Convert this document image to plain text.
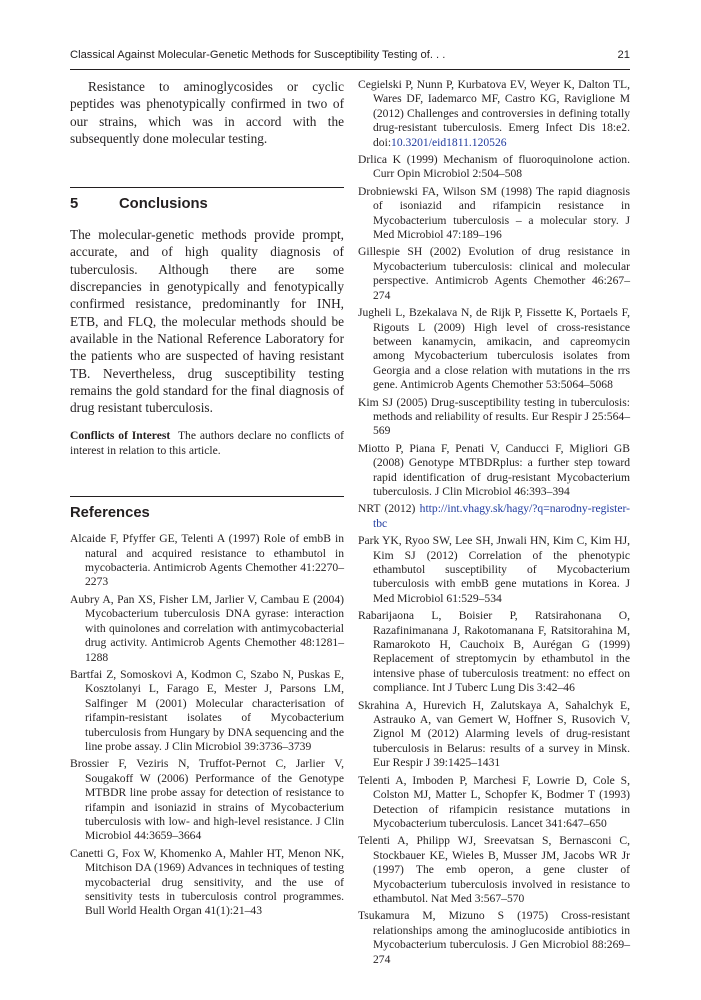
Classical Against Molecular-Genetic Methods for Susceptibility Testing of. . .	21

Resistance to aminoglycosides or cyclic peptides was phenotypically confirmed in two of our strains, which was in accord with the subsequently done molecular testing.

5	Conclusions

The molecular-genetic methods provide prompt, accurate, and of high quality diagnosis of tuberculosis. Although there are some discrepancies in genotypically and fenotypically confirmed resistance, predominantly for INH, ETB, and FLQ, the molecular methods should be available in the National Reference Laboratory for the patients who are suspected of having resistant TB. Nevertheless, drug susceptibility testing remains the gold standard for the final diagnosis of drug resistant tuberculosis.

Conflicts of Interest The authors declare no conflicts of interest in relation to this article.

References
Alcaide F, Pfyffer GE, Telenti A (1997) Role of embB in natural and acquired resistance to ethambutol in mycobacteria. Antimicrob Agents Chemother 41:2270–2273
Aubry A, Pan XS, Fisher LM, Jarlier V, Cambau E (2004) Mycobacterium tuberculosis DNA gyrase: interaction with quinolones and correlation with antimycobacterial drug activity. Antimicrob Agents Chemother 48:1281–1288
Bartfai Z, Somoskovi A, Kodmon C, Szabo N, Puskas E, Kosztolanyi L, Farago E, Mester J, Parsons LM, Salfinger M (2001) Molecular characterisation of rifampin-resistant isolates of Mycobacterium tuberculosis from Hungary by DNA sequencing and the line probe assay. J Clin Microbiol 39:3736–3739
Brossier F, Veziris N, Truffot-Pernot C, Jarlier V, Sougakoff W (2006) Performance of the Genotype MTBDR line probe assay for detection of resistance to rifampin and isoniazid in strains of Mycobacterium tuberculosis with low- and high-level resistance. J Clin Microbiol 44:3659–3664
Canetti G, Fox W, Khomenko A, Mahler HT, Menon NK, Mitchison DA (1969) Advances in techniques of testing mycobacterial drug sensitivity, and the use of sensitivity tests in tuberculosis control programmes. Bull World Health Organ 41(1):21–43
Cegielski P, Nunn P, Kurbatova EV, Weyer K, Dalton TL, Wares DF, Iademarco MF, Castro KG, Raviglione M (2012) Challenges and controversies in defining totally drug-resistant tuberculosis. Emerg Infect Dis 18:e2. doi:10.3201/eid1811.120526
Drlica K (1999) Mechanism of fluoroquinolone action. Curr Opin Microbiol 2:504–508
Drobniewski FA, Wilson SM (1998) The rapid diagnosis of isoniazid and rifampicin resistance in Mycobacterium tuberculosis – a molecular story. J Med Microbiol 47:189–196
Gillespie SH (2002) Evolution of drug resistance in Mycobacterium tuberculosis: clinical and molecular perspective. Antimicrob Agents Chemother 46:267–274
Jugheli L, Bzekalava N, de Rijk P, Fissette K, Portaels F, Rigouts L (2009) High level of cross-resistance between kanamycin, amikacin, and capreomycin among Mycobacterium tuberculosis isolates from Georgia and a close relation with mutations in the rrs gene. Antimicrob Agents Chemother 53:5064–5068
Kim SJ (2005) Drug-susceptibility testing in tuberculosis: methods and reliability of results. Eur Respir J 25:564–569
Miotto P, Piana F, Penati V, Canducci F, Migliori GB (2008) Genotype MTBDRplus: a further step toward rapid identification of drug-resistant Mycobacterium tuberculosis. J Clin Microbiol 46:393–394
NRT (2012) http://int.vhagy.sk/hagy/?q=narodny-register-tbc
Park YK, Ryoo SW, Lee SH, Jnwali HN, Kim C, Kim HJ, Kim SJ (2012) Correlation of the phenotypic ethambutol susceptibility of Mycobacterium tuberculosis with embB gene mutations in Korea. J Med Microbiol 61:529–534
Rabarijaona L, Boisier P, Ratsirahonana O, Razafinimanana J, Rakotomanana F, Ratsitorahina M, Ramarokoto H, Cauchoix B, Aurégan G (1999) Replacement of streptomycin by ethambutol in the intensive phase of tuberculosis treatment: no effect on compliance. Int J Tuberc Lung Dis 3:42–46
Skrahina A, Hurevich H, Zalutskaya A, Sahalchyk E, Astrauko A, van Gemert W, Hoffner S, Rusovich V, Zignol M (2012) Alarming levels of drug-resistant tuberculosis in Belarus: results of a survey in Minsk. Eur Respir J 39:1425–1431
Telenti A, Imboden P, Marchesi F, Lowrie D, Cole S, Colston MJ, Matter L, Schopfer K, Bodmer T (1993) Detection of rifampicin resistance mutations in Mycobacterium tuberculosis. Lancet 341:647–650
Telenti A, Philipp WJ, Sreevatsan S, Bernasconi C, Stockbauer KE, Wieles B, Musser JM, Jacobs WR Jr (1997) The emb operon, a gene cluster of Mycobacterium tuberculosis involved in resistance to ethambutol. Nat Med 3:567–570
Tsukamura M, Mizuno S (1975) Cross-resistant relationships among the aminoglucoside antibiotics in Mycobacterium tuberculosis. J Gen Microbiol 88:269–274
